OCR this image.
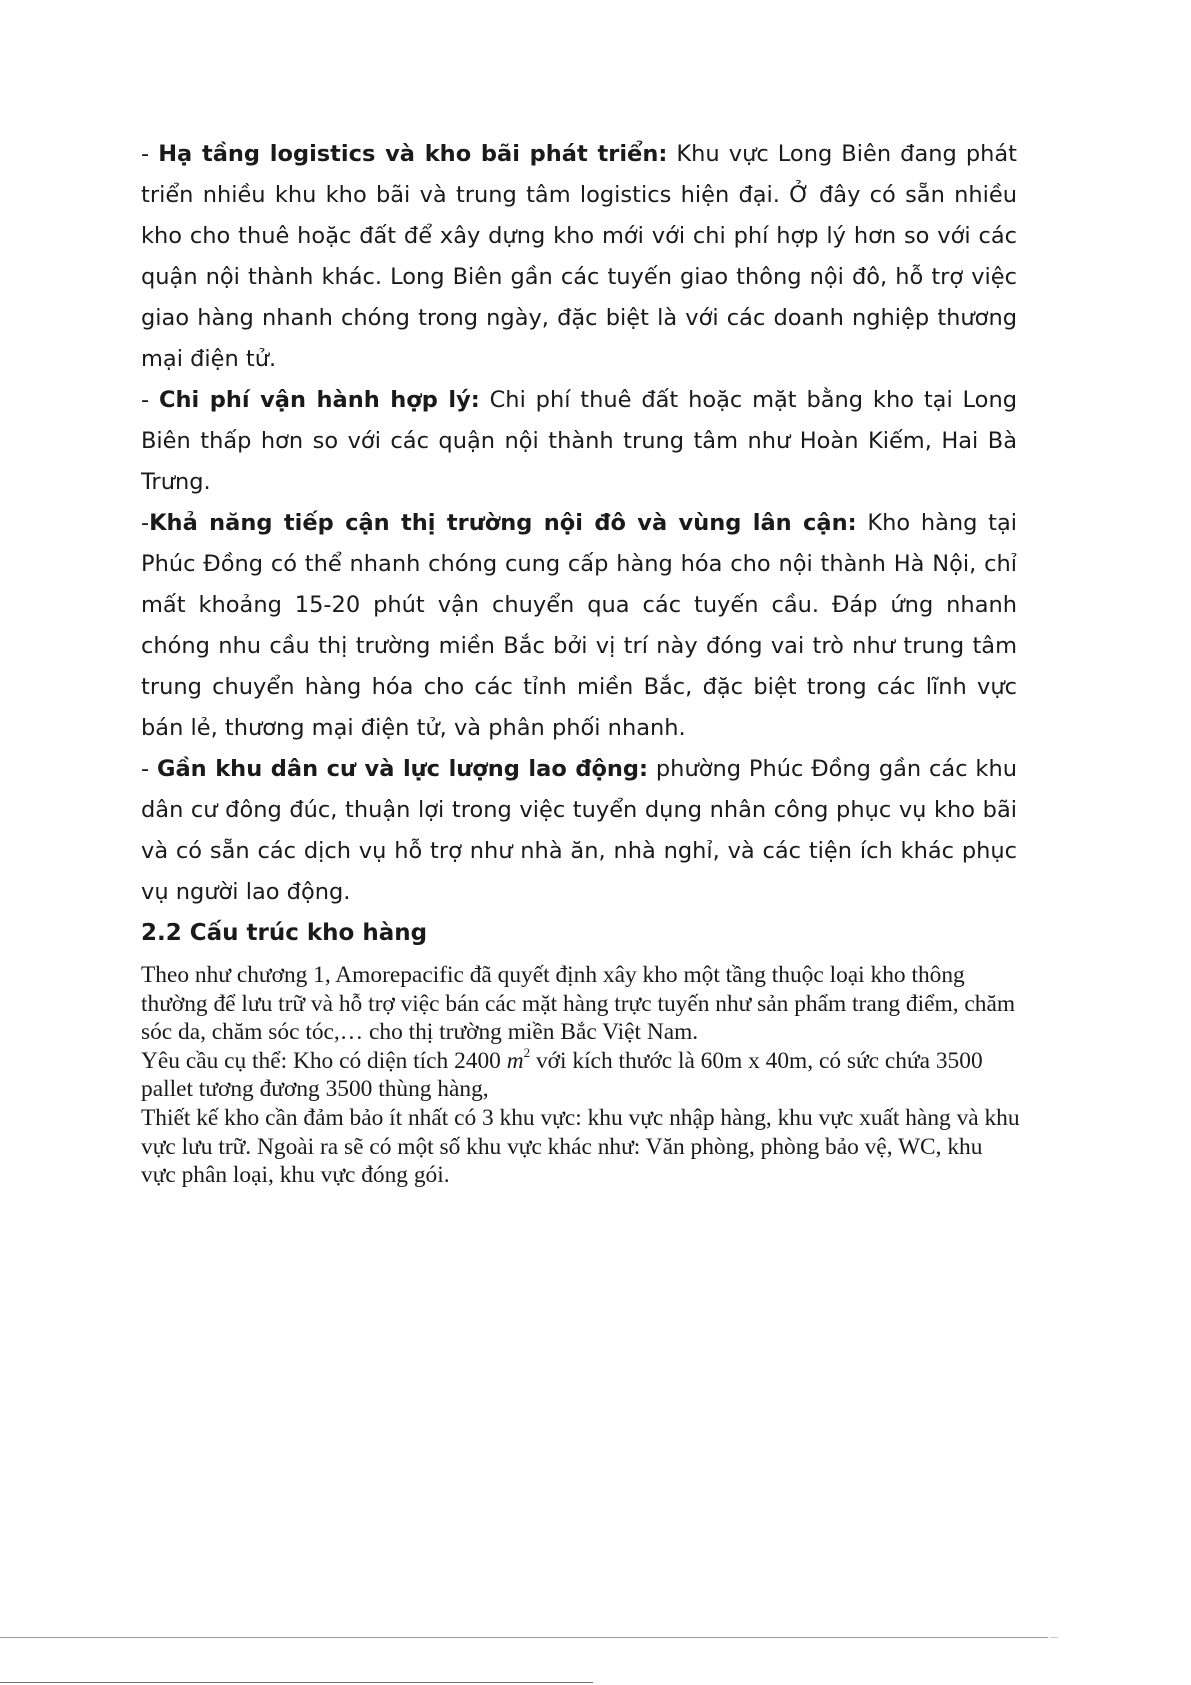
- Hạ tầng logistics và kho bãi phát triển: Khu vực Long Biên đang phát triển nhiều khu kho bãi và trung tâm logistics hiện đại. Ở đây có sẵn nhiều kho cho thuê hoặc đất để xây dựng kho mới với chi phí hợp lý hơn so với các quận nội thành khác. Long Biên gần các tuyến giao thông nội đô, hỗ trợ việc giao hàng nhanh chóng trong ngày, đặc biệt là với các doanh nghiệp thương mại điện tử.

- Chi phí vận hành hợp lý: Chi phí thuê đất hoặc mặt bằng kho tại Long Biên thấp hơn so với các quận nội thành trung tâm như Hoàn Kiếm, Hai Bà Trưng.

-Khả năng tiếp cận thị trường nội đô và vùng lân cận: Kho hàng tại Phúc Đồng có thể nhanh chóng cung cấp hàng hóa cho nội thành Hà Nội, chỉ mất khoảng 15-20 phút vận chuyển qua các tuyến cầu. Đáp ứng nhanh chóng nhu cầu thị trường miền Bắc bởi vị trí này đóng vai trò như trung tâm trung chuyển hàng hóa cho các tỉnh miền Bắc, đặc biệt trong các lĩnh vực bán lẻ, thương mại điện tử, và phân phối nhanh.

- Gần khu dân cư và lực lượng lao động: phường Phúc Đồng gần các khu dân cư đông đúc, thuận lợi trong việc tuyển dụng nhân công phục vụ kho bãi và có sẵn các dịch vụ hỗ trợ như nhà ăn, nhà nghỉ, và các tiện ích khác phục vụ người lao động.

2.2 Cấu trúc kho hàng

Theo như chương 1, Amorepacific đã quyết định xây kho một tầng thuộc loại kho thông thường để lưu trữ và hỗ trợ việc bán các mặt hàng trực tuyến như sản phẩm trang điểm, chăm sóc da, chăm sóc tóc,… cho thị trường miền Bắc Việt Nam.

Yêu cầu cụ thể: Kho có diện tích 2400 $m^2$ với kích thước là 60m x 40m, có sức chứa 3500 pallet tương đương 3500 thùng hàng,

Thiết kế kho cần đảm bảo ít nhất có 3 khu vực: khu vực nhập hàng, khu vực xuất hàng và khu vực lưu trữ. Ngoài ra sẽ có một số khu vực khác như: Văn phòng, phòng bảo vệ, WC, khu vực phân loại, khu vực đóng gói.
